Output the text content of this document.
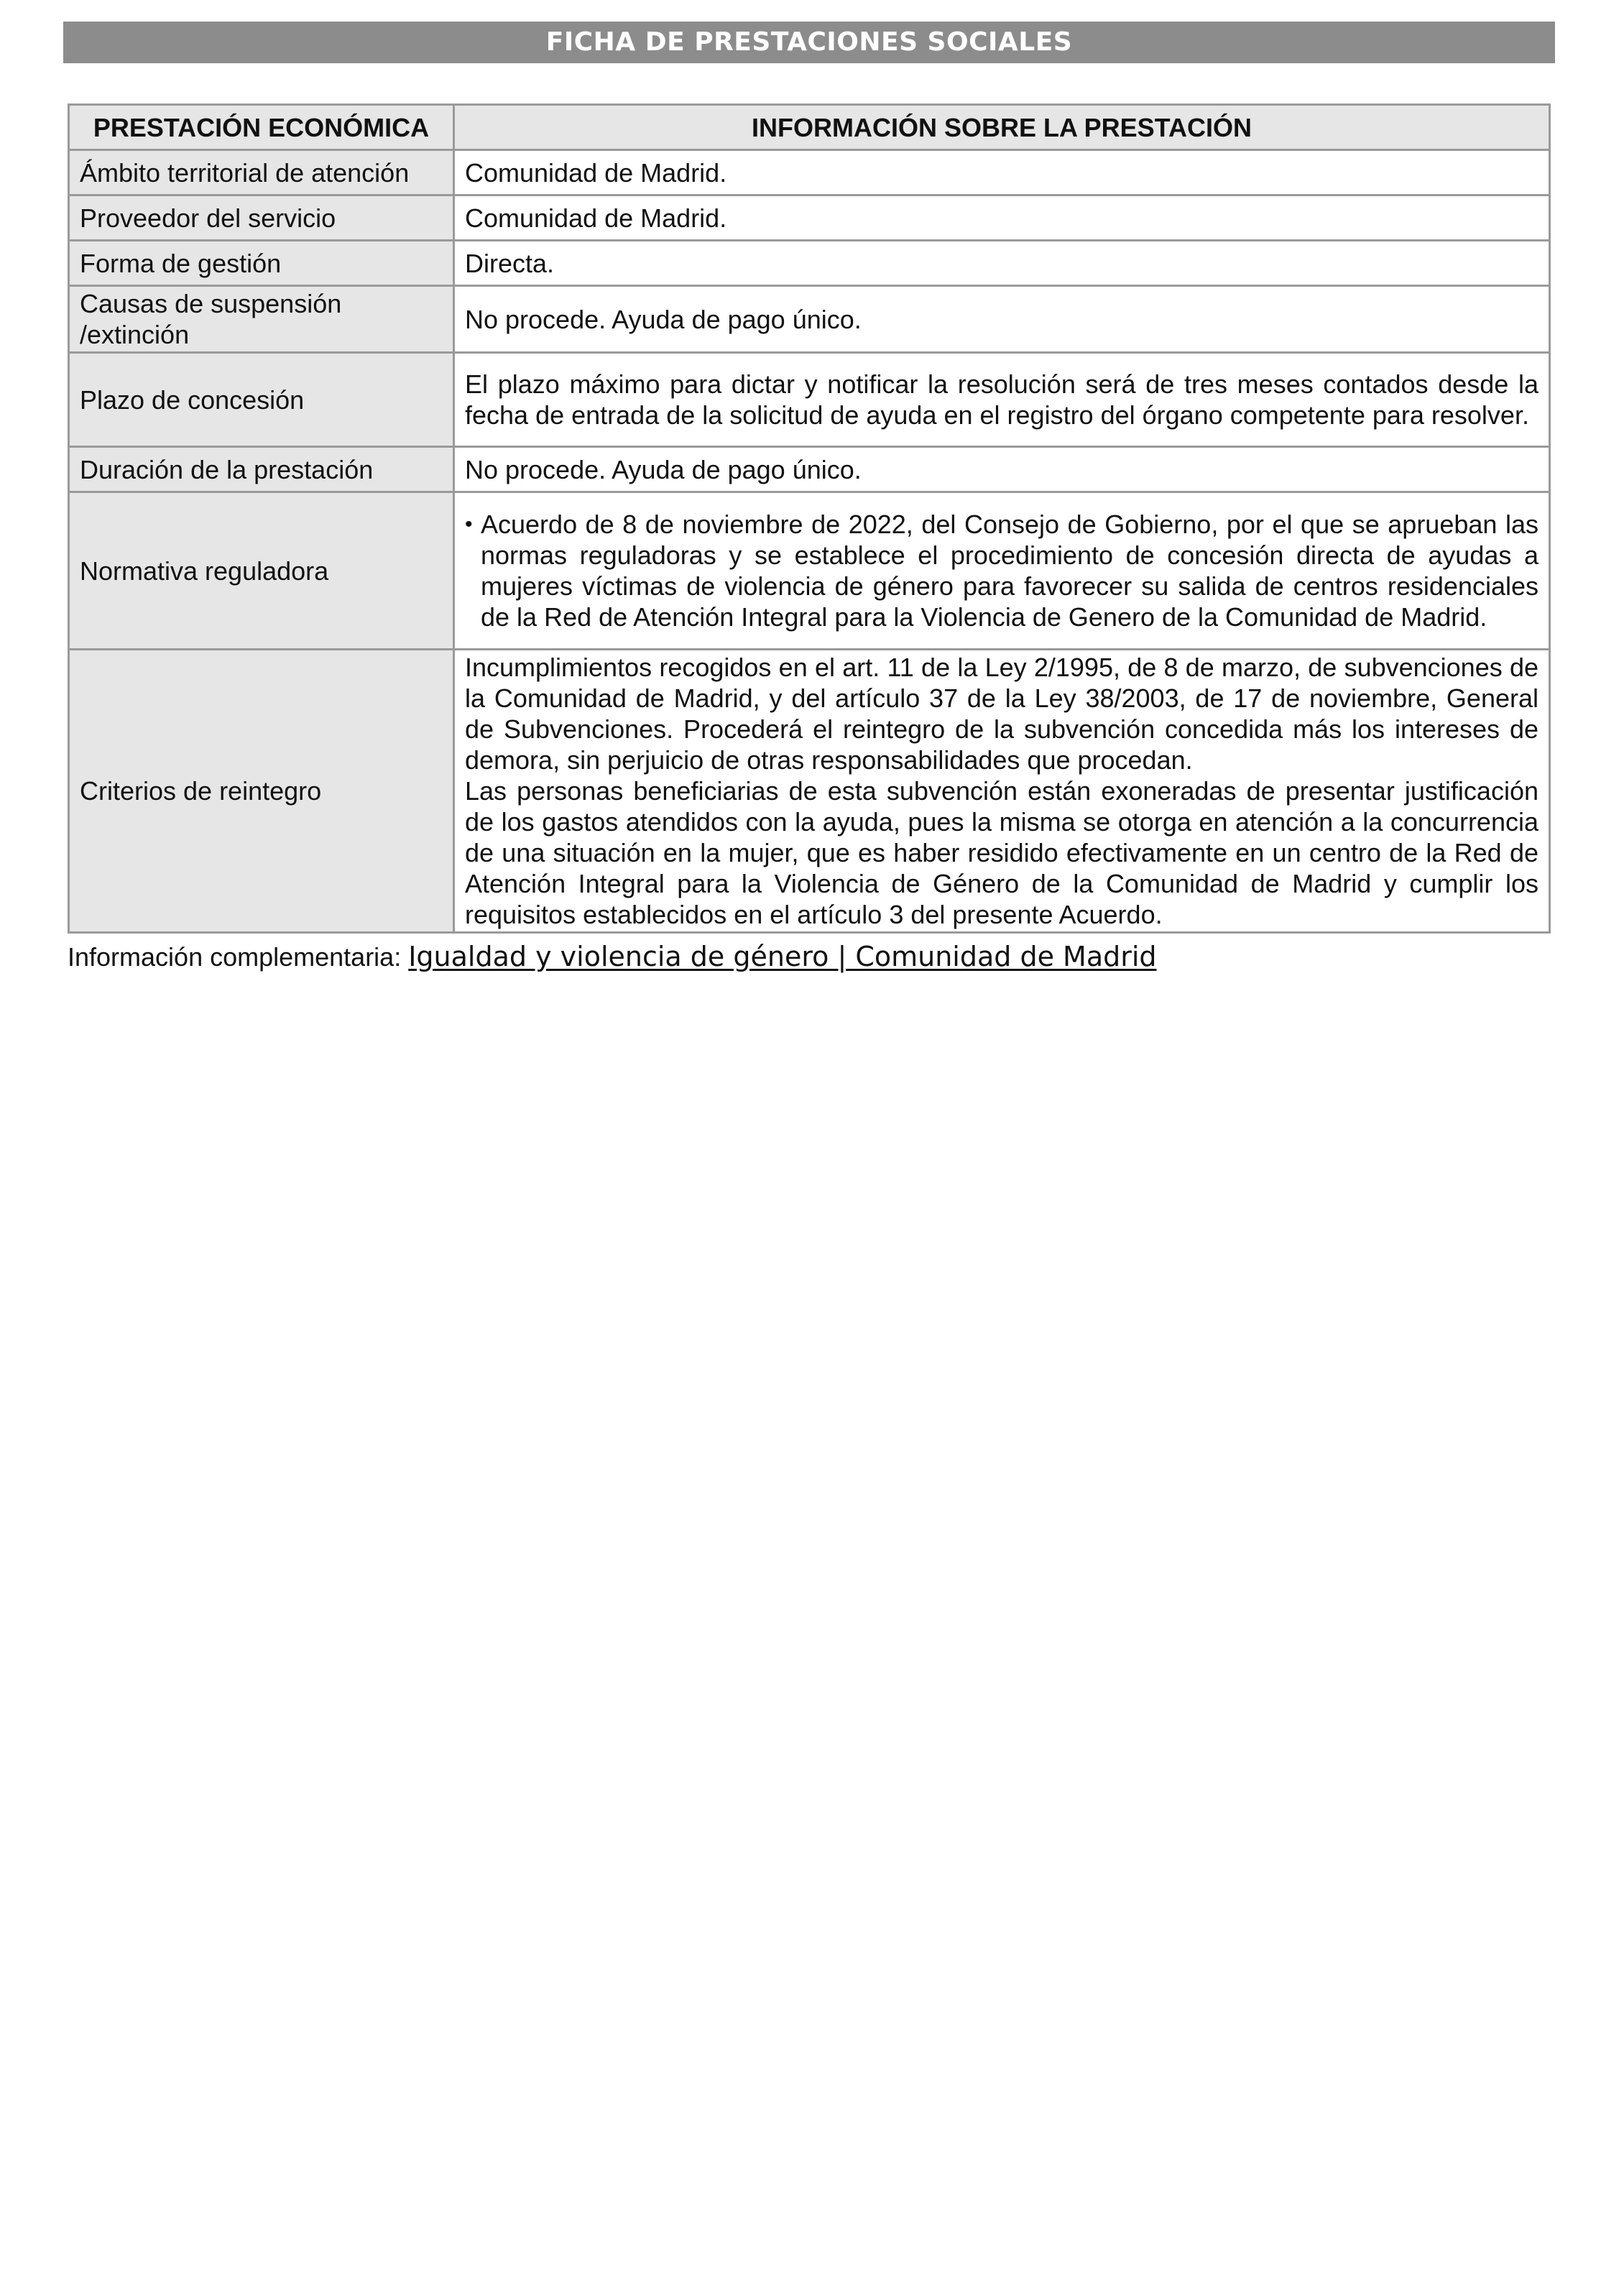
FICHA DE PRESTACIONES SOCIALES
PRESTACIÓN ECONÓMICA	INFORMACIÓN SOBRE LA PRESTACIÓN
Ámbito territorial de atención	Comunidad de Madrid.
Proveedor del servicio	Comunidad de Madrid.
Forma de gestión	Directa.
Causas de suspensión /extinción	No procede. Ayuda de pago único.
Plazo de concesión	El plazo máximo para dictar y notificar la resolución será de tres meses contados desde la fecha de entrada de la solicitud de ayuda en el registro del órgano competente para resolver.
Duración de la prestación	No procede. Ayuda de pago único.
Normativa reguladora	• Acuerdo de 8 de noviembre de 2022, del Consejo de Gobierno, por el que se aprueban las normas reguladoras y se establece el procedimiento de concesión directa de ayudas a mujeres víctimas de violencia de género para favorecer su salida de centros residenciales de la Red de Atención Integral para la Violencia de Genero de la Comunidad de Madrid.

Criterios de reintegro	Incumplimientos recogidos en el art. 11 de la Ley 2/1995, de 8 de marzo, de subvenciones de la Comunidad de Madrid, y del artículo 37 de la Ley 38/2003, de 17 de noviembre, General de Subvenciones. Procederá el reintegro de la subvención concedida más los intereses de demora, sin perjuicio de otras responsabilidades que procedan.
Las personas beneficiarias de esta subvención están exoneradas de presentar justificación de los gastos atendidos con la ayuda, pues la misma se otorga en atención a la concurrencia de una situación en la mujer, que es haber residido efectivamente en un centro de la Red de Atención Integral para la Violencia de Género de la Comunidad de Madrid y cumplir los requisitos establecidos en el artículo 3 del presente Acuerdo.
Información complementaria: Igualdad y violencia de género | Comunidad de Madrid
